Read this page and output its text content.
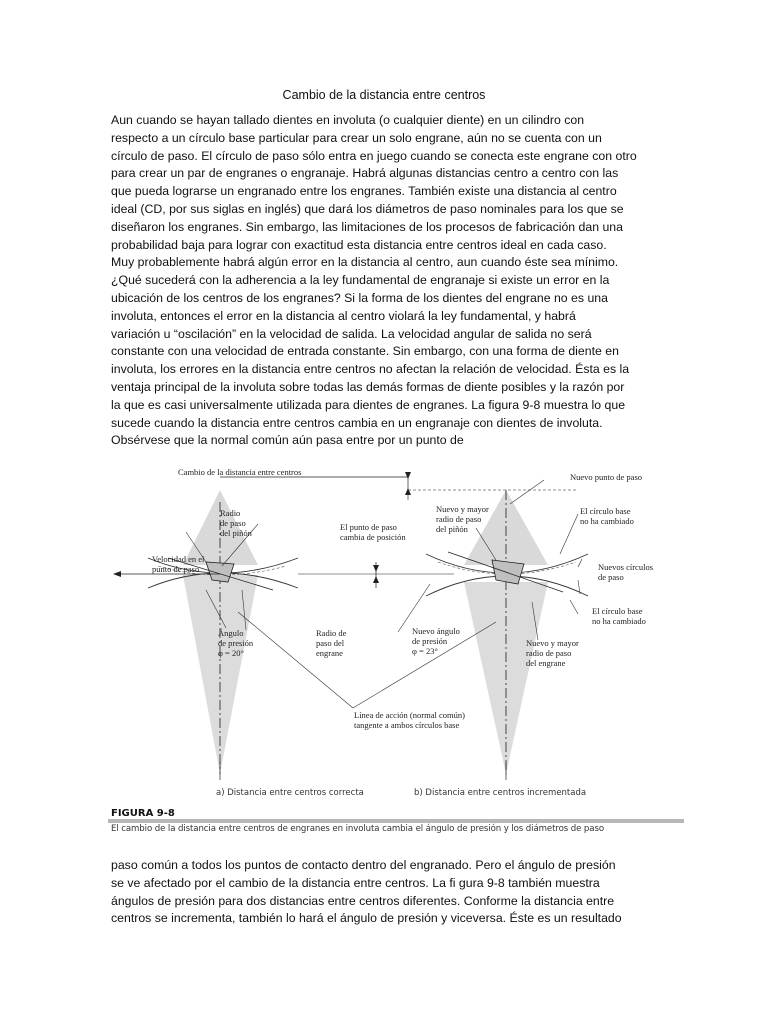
Cambio de la distancia entre centros
Aun cuando se hayan tallado dientes en involuta (o cualquier diente) en un cilindro con
respecto a un círculo base particular para crear un solo engrane, aún no se cuenta con un
círculo de paso. El círculo de paso sólo entra en juego cuando se conecta este engrane con otro
para crear un par de engranes o engranaje. Habrá algunas distancias centro a centro con las
que pueda lograrse un engranado entre los engranes. También existe una distancia al centro
ideal (CD, por sus siglas en inglés) que dará los diámetros de paso nominales para los que se
diseñaron los engranes. Sin embargo, las limitaciones de los procesos de fabricación dan una
probabilidad baja para lograr con exactitud esta distancia entre centros ideal en cada caso.
Muy probablemente habrá algún error en la distancia al centro, aun cuando éste sea mínimo.
¿Qué sucederá con la adherencia a la ley fundamental de engranaje si existe un error en la
ubicación de los centros de los engranes? Si la forma de los dientes del engrane no es una
involuta, entonces el error en la distancia al centro violará la ley fundamental, y habrá
variación u “oscilación” en la velocidad de salida. La velocidad angular de salida no será
constante con una velocidad de entrada constante. Sin embargo, con una forma de diente en
involuta, los errores en la distancia entre centros no afectan la relación de velocidad. Ésta es la
ventaja principal de la involuta sobre todas las demás formas de diente posibles y la razón por
la que es casi universalmente utilizada para dientes de engranes. La figura 9-8 muestra lo que
sucede cuando la distancia entre centros cambia en un engranaje con dientes de involuta.
Obsérvese que la normal común aún pasa entre por un punto de
Cambio de la distancia entre centros	Nuevo punto de paso
Radio
de paso
del piñón
El punto de paso
cambia de posición
Nuevo y mayor
radio de paso
del piñón
El círculo base
no ha cambiado
Velocidad en el
punto de paso	Nuevos círculos
de paso
El círculo base
no ha cambiado
Ángulo
de presión
φ = 20°
Radio de
paso del
engrane
Nuevo ángulo
de presión
φ = 23°
Nuevo y mayor
radio de paso
del engrane
Línea de acción (normal común)
tangente a ambos círculos base
a) Distancia entre centros correcta	b) Distancia entre centros incrementada
FIGURA 9-8
El cambio de la distancia entre centros de engranes en involuta cambia el ángulo de presión y los diámetros de paso
paso común a todos los puntos de contacto dentro del engranado. Pero el ángulo de presión
se ve afectado por el cambio de la distancia entre centros. La fi gura 9-8 también muestra
ángulos de presión para dos distancias entre centros diferentes. Conforme la distancia entre
centros se incrementa, también lo hará el ángulo de presión y viceversa. Éste es un resultado
